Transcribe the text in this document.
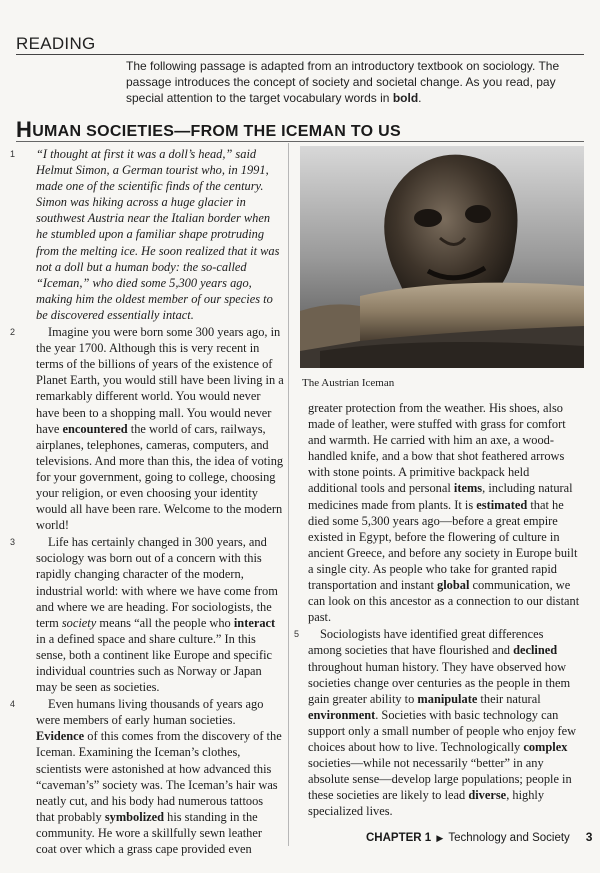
READING
The following passage is adapted from an introductory textbook on sociology. The passage introduces the concept of society and societal change. As you read, pay special attention to the target vocabulary words in bold.
HUMAN SOCIETIES—FROM THE ICEMAN TO US

1	“I thought at first it was a doll’s head,” said Helmut Simon, a German tourist who, in 1991, made one of the scientific finds of the century. Simon was hiking across a huge glacier in southwest Austria near the Italian border when he stumbled upon a familiar shape protruding from the melting ice. He soon realized that it was not a doll but a human body: the so-called “Iceman,” who died some 5,300 years ago, making him the oldest member of our species to be discovered essentially intact.

2	Imagine you were born some 300 years ago, in the year 1700. Although this is very recent in terms of the billions of years of the existence of Planet Earth, you would still have been living in a remarkably different world. You would never have been to a shopping mall. You would never have encountered the world of cars, railways, airplanes, telephones, cameras, computers, and televisions. And more than this, the idea of voting for your government, going to college, choosing your religion, or even choosing your identity would all have been rare. Welcome to the modern world!

3	Life has certainly changed in 300 years, and sociology was born out of a concern with this rapidly changing character of the modern, industrial world: with where we have come from and where we are heading. For sociologists, the term society means “all the people who interact in a defined space and share culture.” In this sense, both a continent like Europe and specific individual countries such as Norway or Japan may be seen as societies.

4	Even humans living thousands of years ago were members of early human societies. Evidence of this comes from the discovery of the Iceman. Examining the Iceman’s clothes, scientists were astonished at how advanced this “caveman’s” society was. The Iceman’s hair was neatly cut, and his body had numerous tattoos that probably symbolized his standing in the community. He wore a skillfully sewn leather coat over which a grass cape provided even

The Austrian Iceman

greater protection from the weather. His shoes, also made of leather, were stuffed with grass for comfort and warmth. He carried with him an axe, a wood-handled knife, and a bow that shot feathered arrows with stone points. A primitive backpack held additional tools and personal items, including natural medicines made from plants. It is estimated that he died some 5,300 years ago—before a great empire existed in Egypt, before the flowering of culture in ancient Greece, and before any society in Europe built a single city. As people who take for granted rapid transportation and instant global communication, we can look on this ancestor as a connection to our distant past.

5	Sociologists have identified great differences among societies that have flourished and declined throughout human history. They have observed how societies change over centuries as the people in them gain greater ability to manipulate their natural environment. Societies with basic technology can support only a small number of people who enjoy few choices about how to live. Technologically complex societies—while not necessarily “better” in any absolute sense—develop large populations; people in these societies are likely to lead diverse, highly specialized lives.

CHAPTER 1 ▶ Technology and Society 3
